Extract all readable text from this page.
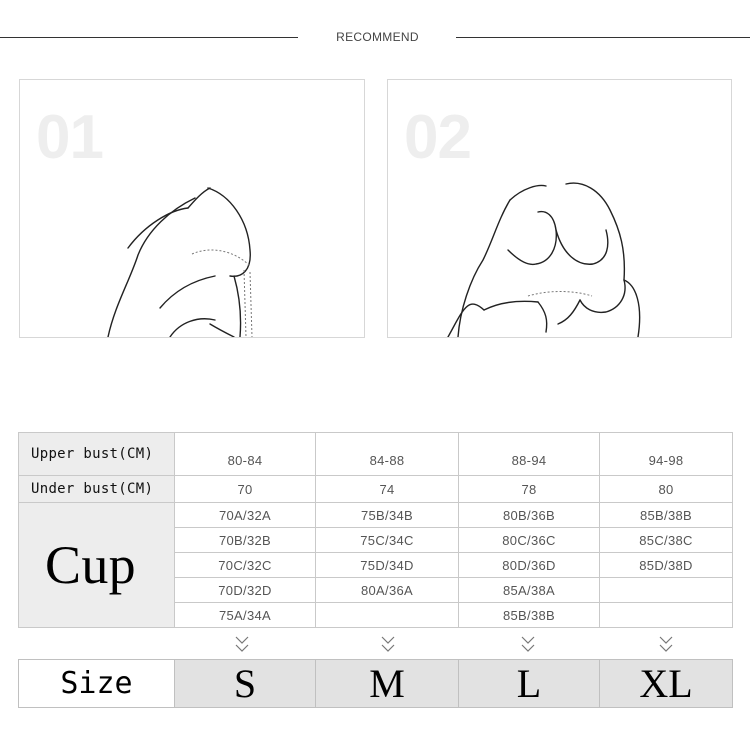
RECOMMEND
01	02
Upper bust(CM)	80-84	84-88	88-94	94-98
Under bust(CM)	70	74	78	80
Cup	70A/32A	75B/34B	80B/36B	85B/38B
	70B/32B	75C/34C	80C/36C	85C/38C
	70C/32C	75D/34D	80D/36D	85D/38D
	70D/32D	80A/36A	85A/38A	
	75A/34A		85B/38B	
Size	S	M	L	XL
